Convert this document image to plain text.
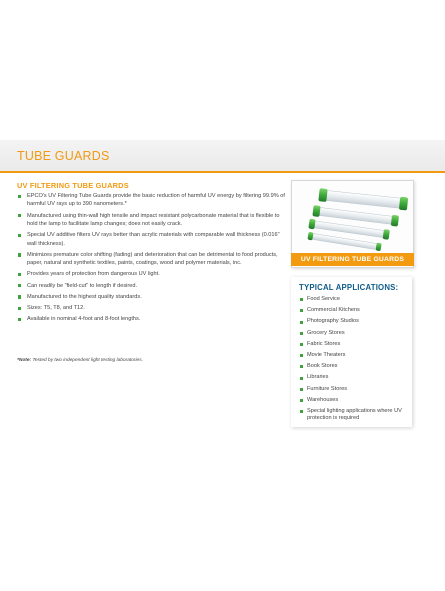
TUBE GUARDS
UV FILTERING TUBE GUARDS
EPCO's UV Filtering Tube Guards provide the basic reduction of harmful UV energy by filtering 99.9% of harmful UV rays up to 390 nanometers.*
Manufactured using thin-wall high tensile and impact resistant polycarbonate material that is flexible to hold the lamp to facilitate lamp changes; does not easily crack.
Special UV additive filters UV rays better than acrylic materials with comparable wall thickness (0.016" wall thickness).
Minimizes premature color shifting (fading) and deterioration that can be detrimental to food products, paper, natural and synthetic textiles, paints, coatings, wood and polymer materials, inc.
Provides years of protection from dangerous UV light.
Can readily be "field-cut" to length if desired.
Manufactured to the highest quality standards.
Sizes: T5, T8, and T12.
Available in nominal 4-foot and 8-foot lengths.
*Note: Tested by two independent light testing laboratories.
UV FILTERING TUBE GUARDS
TYPICAL APPLICATIONS:
Food Service
Commercial Kitchens
Photography Studios
Grocery Stores
Fabric Stores
Movie Theaters
Book Stores
Libraries
Furniture Stores
Warehouses
Special lighting applications where UV protection is required
